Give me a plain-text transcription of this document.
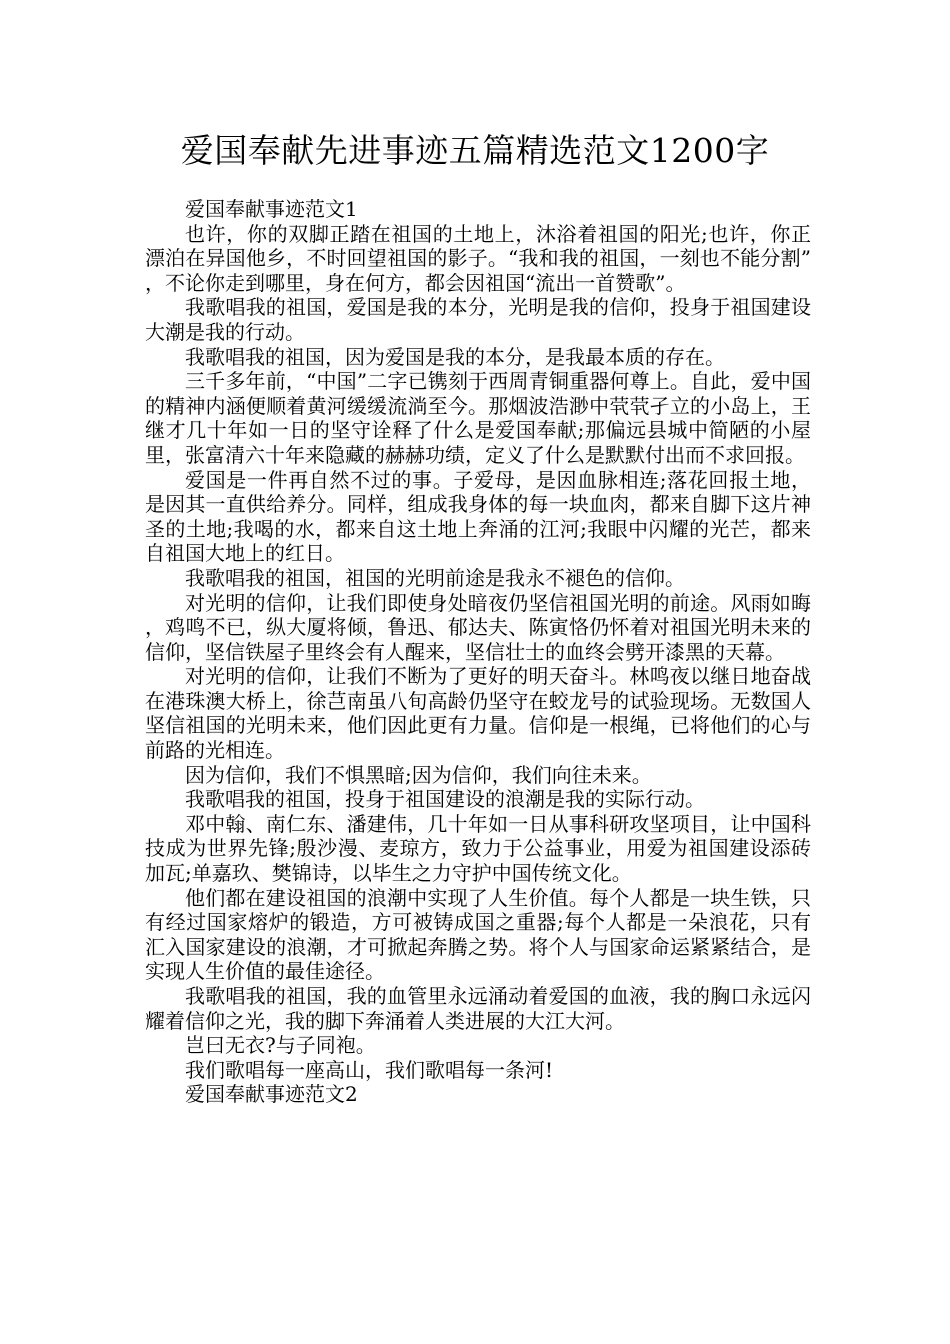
爱国奉献先进事迹五篇精选范文1200字

爱国奉献事迹范文1

也许，你的双脚正踏在祖国的土地上，沐浴着祖国的阳光;也许，你正漂泊在异国他乡，不时回望祖国的影子。“我和我的祖国，一刻也不能分割”，不论你走到哪里，身在何方，都会因祖国“流出一首赞歌”。

我歌唱我的祖国，爱国是我的本分，光明是我的信仰，投身于祖国建设大潮是我的行动。

我歌唱我的祖国，因为爱国是我的本分，是我最本质的存在。

三千多年前，“中国”二字已镌刻于西周青铜重器何尊上。自此，爱中国的精神内涵便顺着黄河缓缓流淌至今。那烟波浩渺中茕茕孑立的小岛上，王继才几十年如一日的坚守诠释了什么是爱国奉献;那偏远县城中简陋的小屋里，张富清六十年来隐藏的赫赫功绩，定义了什么是默默付出而不求回报。

爱国是一件再自然不过的事。子爱母，是因血脉相连;落花回报土地，是因其一直供给养分。同样，组成我身体的每一块血肉，都来自脚下这片神圣的土地;我喝的水，都来自这土地上奔涌的江河;我眼中闪耀的光芒，都来自祖国大地上的红日。

我歌唱我的祖国，祖国的光明前途是我永不褪色的信仰。

对光明的信仰，让我们即使身处暗夜仍坚信祖国光明的前途。风雨如晦，鸡鸣不已，纵大厦将倾，鲁迅、郁达夫、陈寅恪仍怀着对祖国光明未来的信仰，坚信铁屋子里终会有人醒来，坚信壮士的血终会劈开漆黑的天幕。

对光明的信仰，让我们不断为了更好的明天奋斗。林鸣夜以继日地奋战在港珠澳大桥上，徐芑南虽八旬高龄仍坚守在蛟龙号的试验现场。无数国人坚信祖国的光明未来，他们因此更有力量。信仰是一根绳，已将他们的心与前路的光相连。

因为信仰，我们不惧黑暗;因为信仰，我们向往未来。

我歌唱我的祖国，投身于祖国建设的浪潮是我的实际行动。

邓中翰、南仁东、潘建伟，几十年如一日从事科研攻坚项目，让中国科技成为世界先锋;殷沙漫、麦琼方，致力于公益事业，用爱为祖国建设添砖加瓦;单嘉玖、樊锦诗，以毕生之力守护中国传统文化。

他们都在建设祖国的浪潮中实现了人生价值。每个人都是一块生铁，只有经过国家熔炉的锻造，方可被铸成国之重器;每个人都是一朵浪花，只有汇入国家建设的浪潮，才可掀起奔腾之势。将个人与国家命运紧紧结合，是实现人生价值的最佳途径。

我歌唱我的祖国，我的血管里永远涌动着爱国的血液，我的胸口永远闪耀着信仰之光，我的脚下奔涌着人类进展的大江大河。

岂曰无衣?与子同袍。

我们歌唱每一座高山，我们歌唱每一条河!

爱国奉献事迹范文2
